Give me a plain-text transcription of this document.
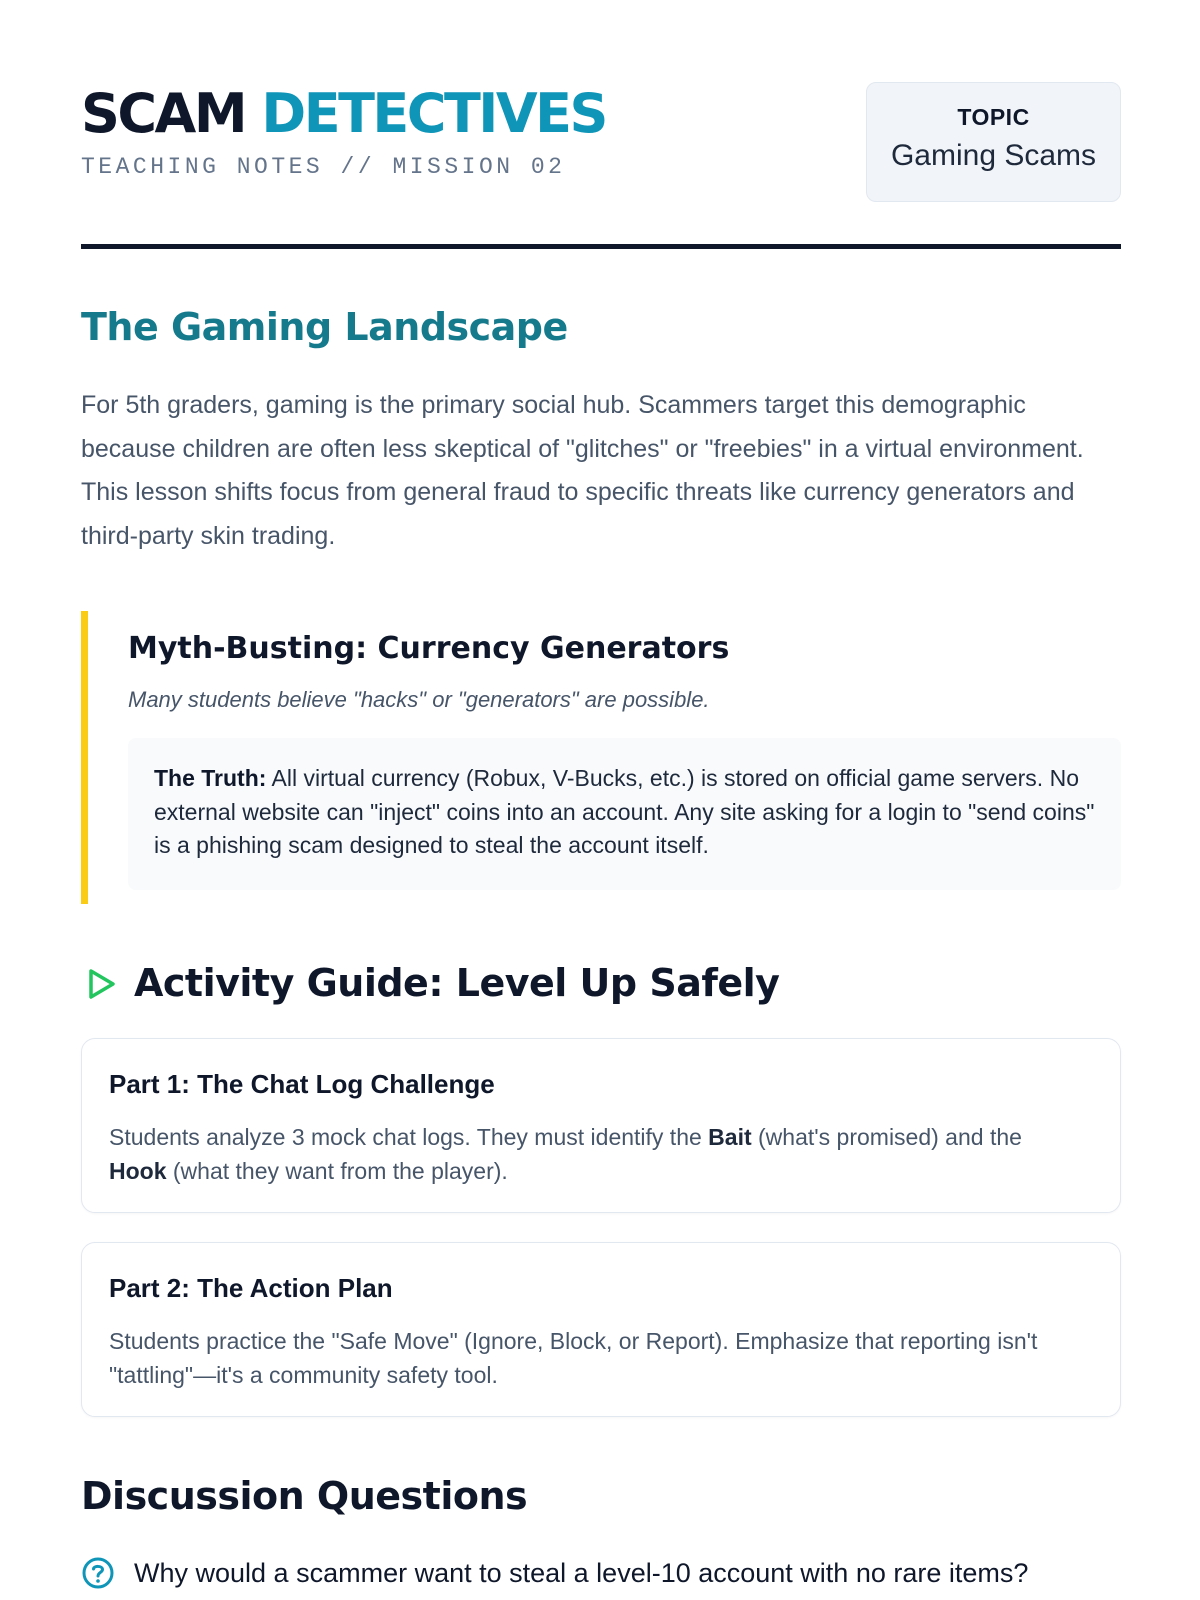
SCAM DETECTIVES
TEACHING NOTES // MISSION 02
TOPIC
Gaming Scams
The Gaming Landscape

For 5th graders, gaming is the primary social hub. Scammers target this demographic because children are often less skeptical of "glitches" or "freebies" in a virtual environment. This lesson shifts focus from general fraud to specific threats like currency generators and third-party skin trading.

Myth-Busting: Currency Generators
Many students believe "hacks" or "generators" are possible.
The Truth: All virtual currency (Robux, V-Bucks, etc.) is stored on official game servers. No external website can "inject" coins into an account. Any site asking for a login to "send coins" is a phishing scam designed to steal the account itself.
Activity Guide: Level Up Safely
Part 1: The Chat Log Challenge
Students analyze 3 mock chat logs. They must identify the Bait (what's promised) and the Hook (what they want from the player).
Part 2: The Action Plan
Students practice the "Safe Move" (Ignore, Block, or Report). Emphasize that reporting isn't "tattling"—it's a community safety tool.
Discussion Questions
Why would a scammer want to steal a level-10 account with no rare items?
